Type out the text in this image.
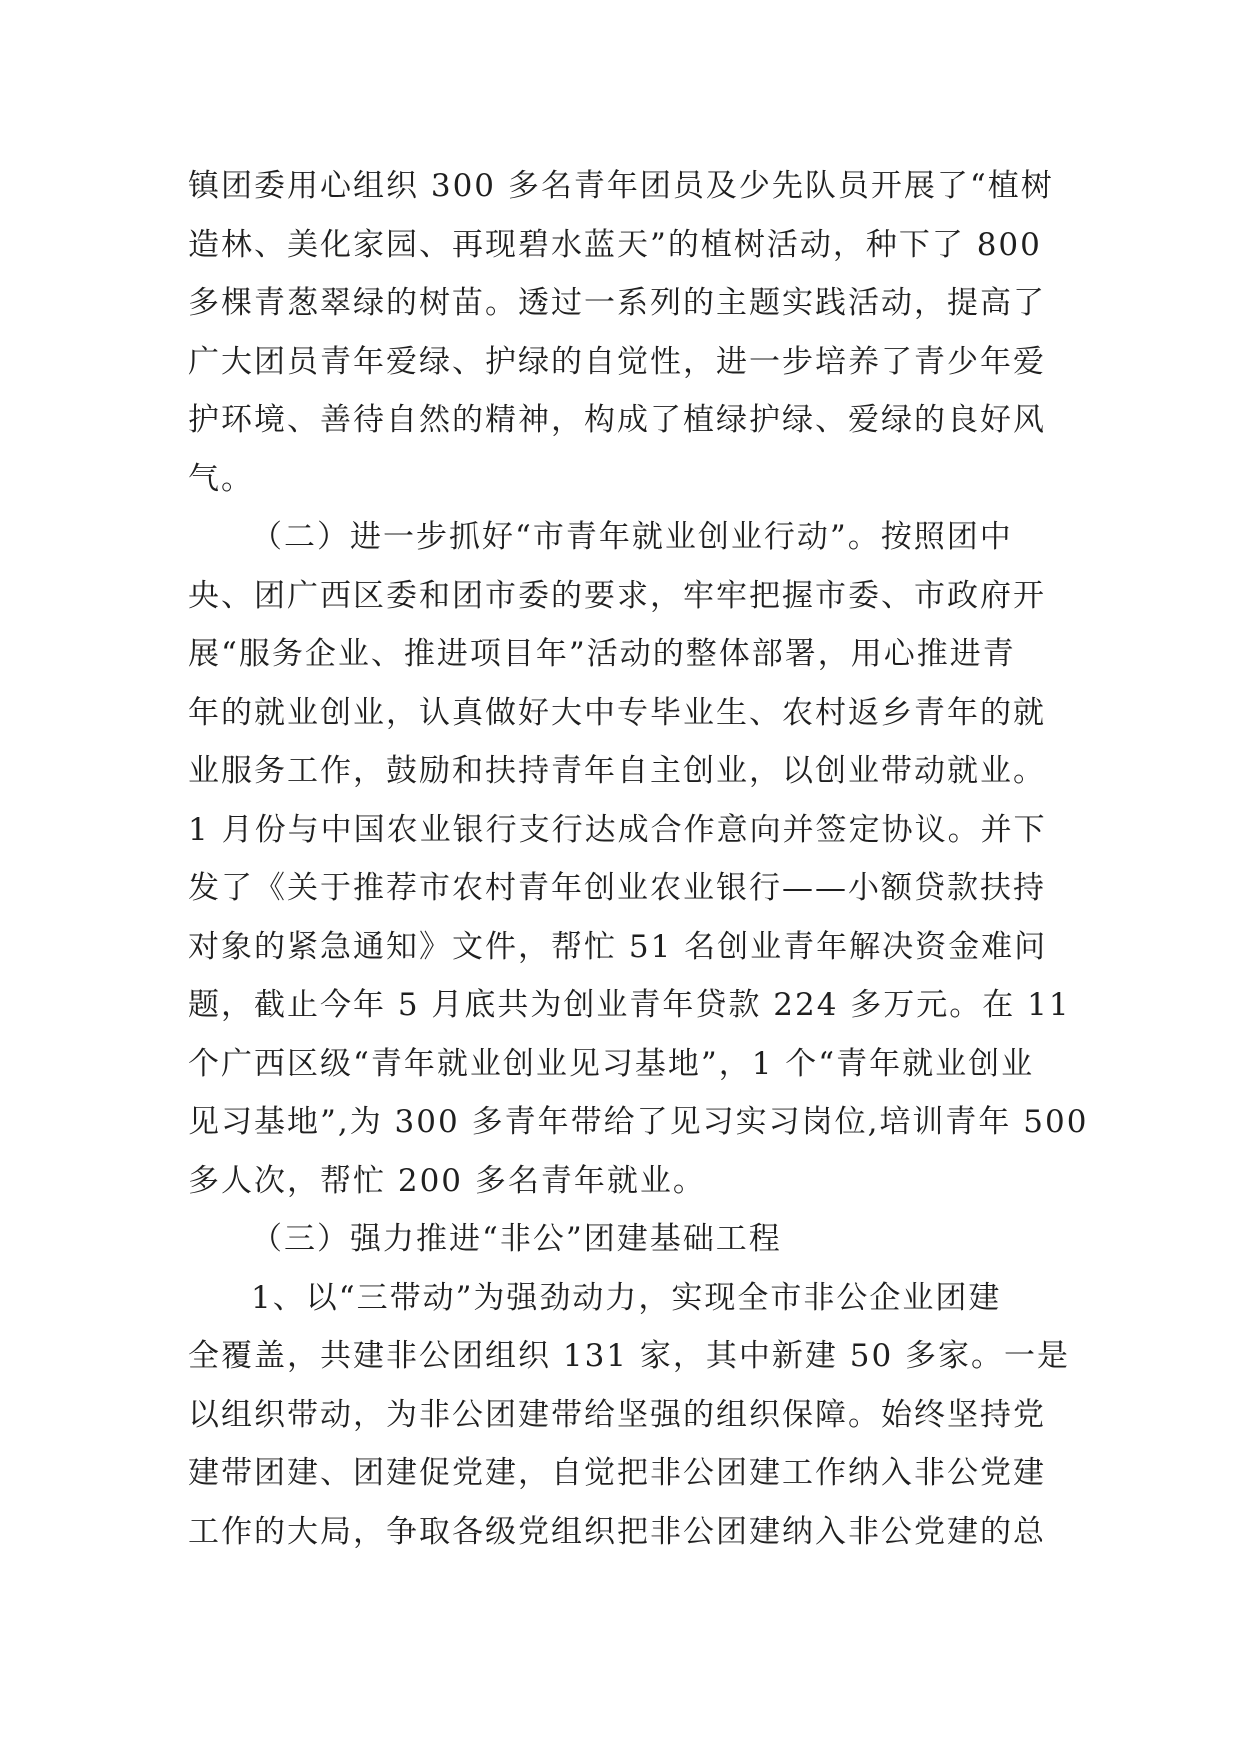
镇团委用心组织 300 多名青年团员及少先队员开展了“植树
造林、美化家园、再现碧水蓝天”的植树活动，种下了 800
多棵青葱翠绿的树苗。透过一系列的主题实践活动，提高了
广大团员青年爱绿、护绿的自觉性，进一步培养了青少年爱
护环境、善待自然的精神，构成了植绿护绿、爱绿的良好风
气。
（二）进一步抓好“市青年就业创业行动”。按照团中
央、团广西区委和团市委的要求，牢牢把握市委、市政府开
展“服务企业、推进项目年”活动的整体部署，用心推进青
年的就业创业，认真做好大中专毕业生、农村返乡青年的就
业服务工作，鼓励和扶持青年自主创业，以创业带动就业。
1 月份与中国农业银行支行达成合作意向并签定协议。并下
发了《关于推荐市农村青年创业农业银行——小额贷款扶持
对象的紧急通知》文件，帮忙 51 名创业青年解决资金难问
题，截止今年 5 月底共为创业青年贷款 224 多万元。在 11
个广西区级“青年就业创业见习基地”，1 个“青年就业创业
见习基地”,为 300 多青年带给了见习实习岗位,培训青年 500
多人次，帮忙 200 多名青年就业。
（三）强力推进“非公”团建基础工程
1、以“三带动”为强劲动力，实现全市非公企业团建
全覆盖，共建非公团组织 131 家，其中新建 50 多家。一是
以组织带动，为非公团建带给坚强的组织保障。始终坚持党
建带团建、团建促党建，自觉把非公团建工作纳入非公党建
工作的大局，争取各级党组织把非公团建纳入非公党建的总
